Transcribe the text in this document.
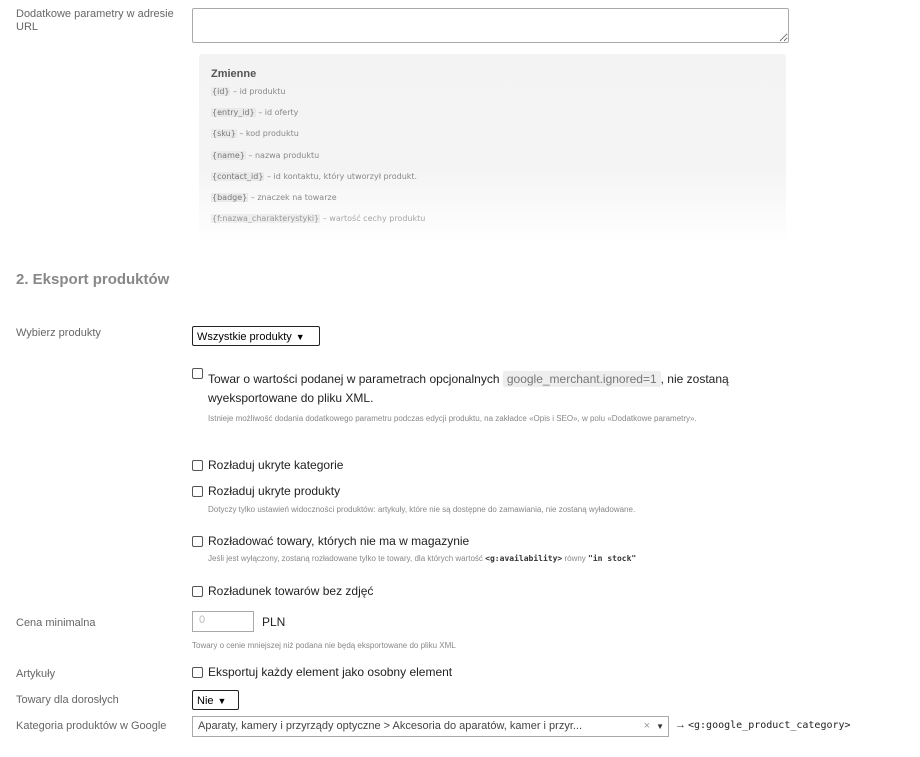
Dodatkowe parametry w adresie URL
Zmienne
{id} – id produktu
{entry_id} – id oferty
{sku} – kod produktu
{name} – nazwa produktu
{contact_id} – id kontaktu, który utworzył produkt.
{badge} – znaczek na towarze
{f:nazwa_charakterystyki} – wartość cechy produktu
2. Eksport produktów
Wybierz produkty	Wszystkie produkty ▼
Towar o wartości podanej w parametrach opcjonalnych google_merchant.ignored=1 , nie zostaną
wyeksportowane do pliku XML.
Istnieje możliwość dodania dodatkowego parametru podczas edycji produktu, na zakładce «Opis i SEO», w polu «Dodatkowe parametry».
Rozładuj ukryte kategorie
Rozładuj ukryte produkty
Dotyczy tylko ustawień widoczności produktów: artykuły, które nie są dostępne do zamawiania, nie zostaną wyładowane.
Rozładować towary, których nie ma w magazynie
Jeśli jest wyłączony, zostaną rozładowane tylko te towary, dla których wartość <g:availability> równy "in stock"
Rozładunek towarów bez zdjęć
Cena minimalna	0	PLN
Towary o cenie mniejszej niż podana nie będą eksportowane do pliku XML
Artykuły	Eksportuj każdy element jako osobny element
Towary dla dorosłych	Nie ▼
Kategoria produktów w Google	Aparaty, kamery i przyrządy optyczne > Akcesoria do aparatów, kamer i przyr...	× ▼ → <g:google_product_category>
